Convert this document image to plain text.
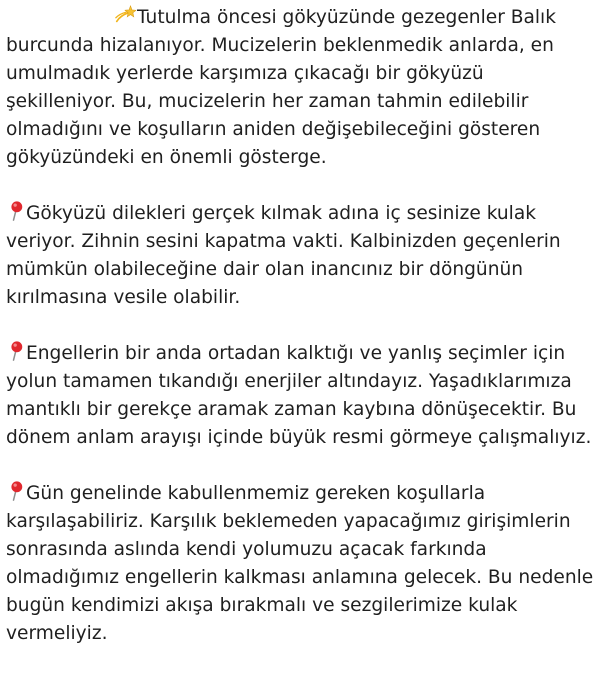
Tutulma öncesi gökyüzünde gezegenler Balık burcunda hizalanıyor. Mucizelerin beklenmedik anlarda, en umulmadık yerlerde karşımıza çıkacağı bir gökyüzü şekilleniyor. Bu, mucizelerin her zaman tahmin edilebilir olmadığını ve koşulların aniden değişebileceğini gösteren gökyüzündeki en önemli gösterge.

Gökyüzü dilekleri gerçek kılmak adına iç sesinize kulak veriyor. Zihnin sesini kapatma vakti. Kalbinizden geçenlerin mümkün olabileceğine dair olan inancınız bir döngünün kırılmasına vesile olabilir.

Engellerin bir anda ortadan kalktığı ve yanlış seçimler için yolun tamamen tıkandığı enerjiler altındayız. Yaşadıklarımıza mantıklı bir gerekçe aramak zaman kaybına dönüşecektir. Bu dönem anlam arayışı içinde büyük resmi görmeye çalışmalıyız.

Gün genelinde kabullenmemiz gereken koşullarla karşılaşabiliriz. Karşılık beklemeden yapacağımız girişimlerin sonrasında aslında kendi yolumuzu açacak farkında olmadığımız engellerin kalkması anlamına gelecek. Bu nedenle bugün kendimizi akışa bırakmalı ve sezgilerimize kulak vermeliyiz.
